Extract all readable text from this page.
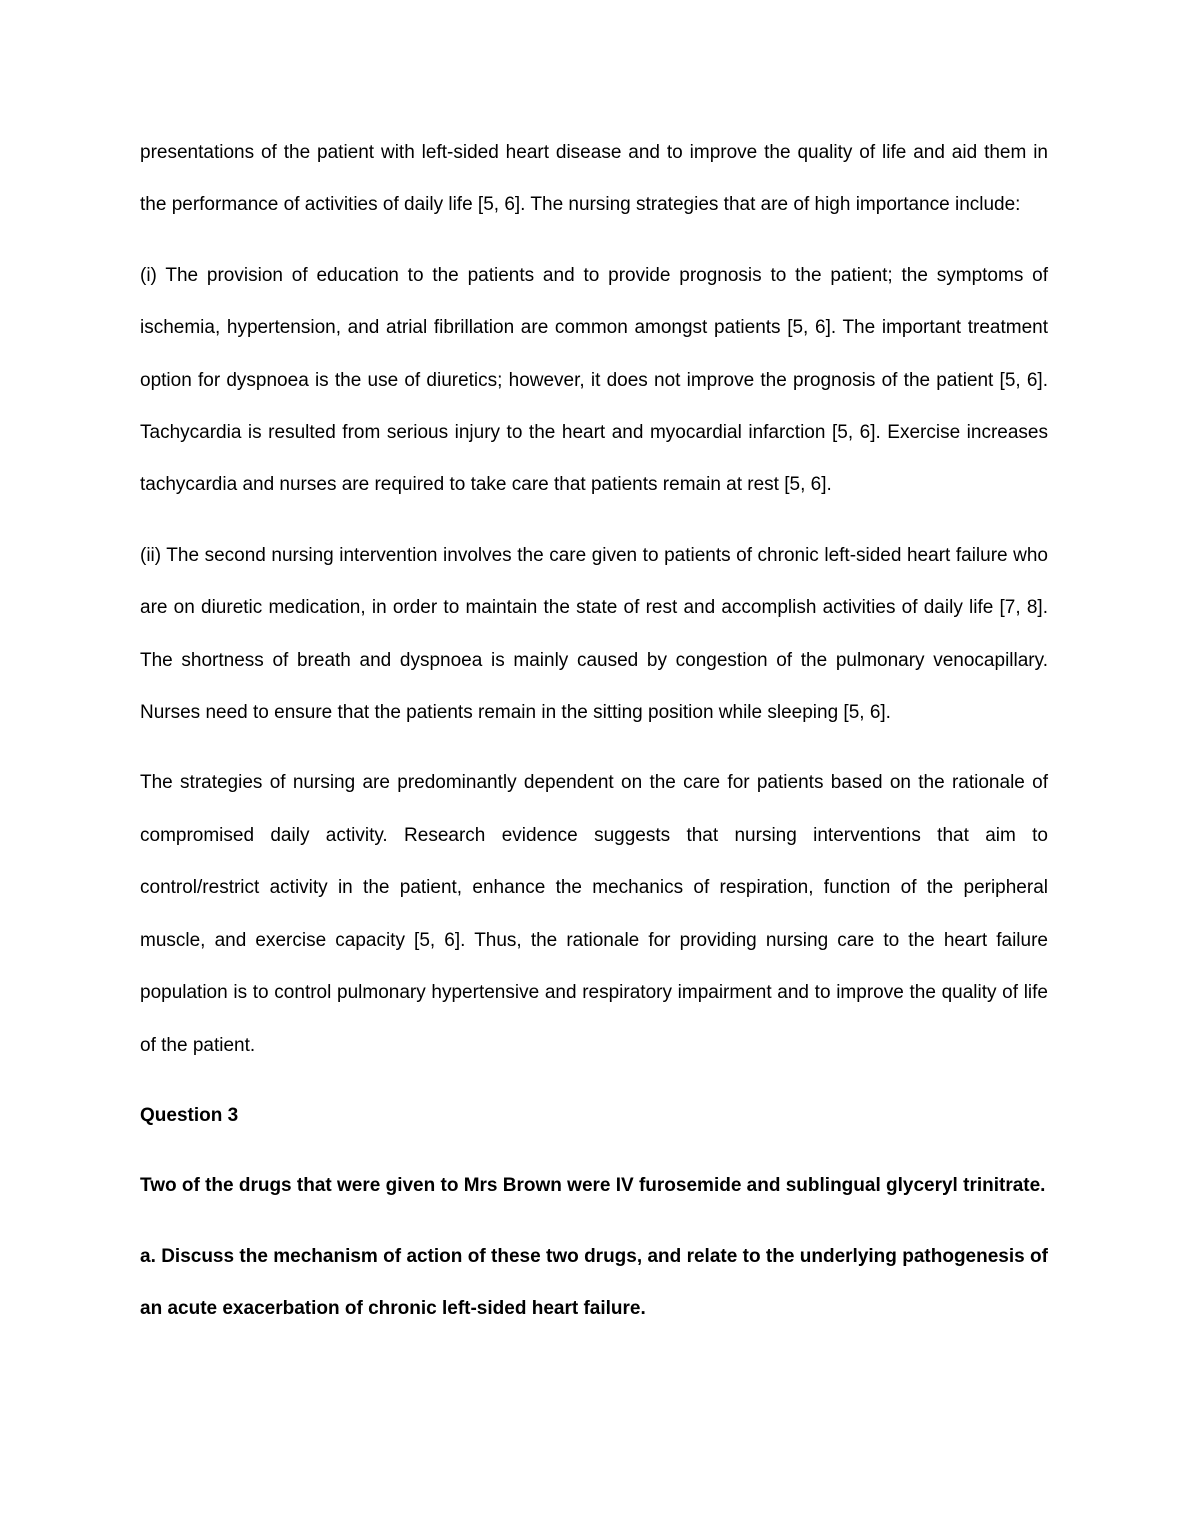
presentations of the patient with left-sided heart disease and to improve the quality of life and aid them in the performance of activities of daily life [5, 6]. The nursing strategies that are of high importance include:

(i) The provision of education to the patients and to provide prognosis to the patient; the symptoms of ischemia, hypertension, and atrial fibrillation are common amongst patients [5, 6]. The important treatment option for dyspnoea is the use of diuretics; however, it does not improve the prognosis of the patient [5, 6]. Tachycardia is resulted from serious injury to the heart and myocardial infarction [5, 6]. Exercise increases tachycardia and nurses are required to take care that patients remain at rest [5, 6].

(ii) The second nursing intervention involves the care given to patients of chronic left-sided heart failure who are on diuretic medication, in order to maintain the state of rest and accomplish activities of daily life [7, 8]. The shortness of breath and dyspnoea is mainly caused by congestion of the pulmonary venocapillary. Nurses need to ensure that the patients remain in the sitting position while sleeping [5, 6].

The strategies of nursing are predominantly dependent on the care for patients based on the rationale of compromised daily activity. Research evidence suggests that nursing interventions that aim to control/restrict activity in the patient, enhance the mechanics of respiration, function of the peripheral muscle, and exercise capacity [5, 6]. Thus, the rationale for providing nursing care to the heart failure population is to control pulmonary hypertensive and respiratory impairment and to improve the quality of life of the patient.

Question 3

Two of the drugs that were given to Mrs Brown were IV furosemide and sublingual glyceryl trinitrate.

a. Discuss the mechanism of action of these two drugs, and relate to the underlying pathogenesis of an acute exacerbation of chronic left-sided heart failure.
